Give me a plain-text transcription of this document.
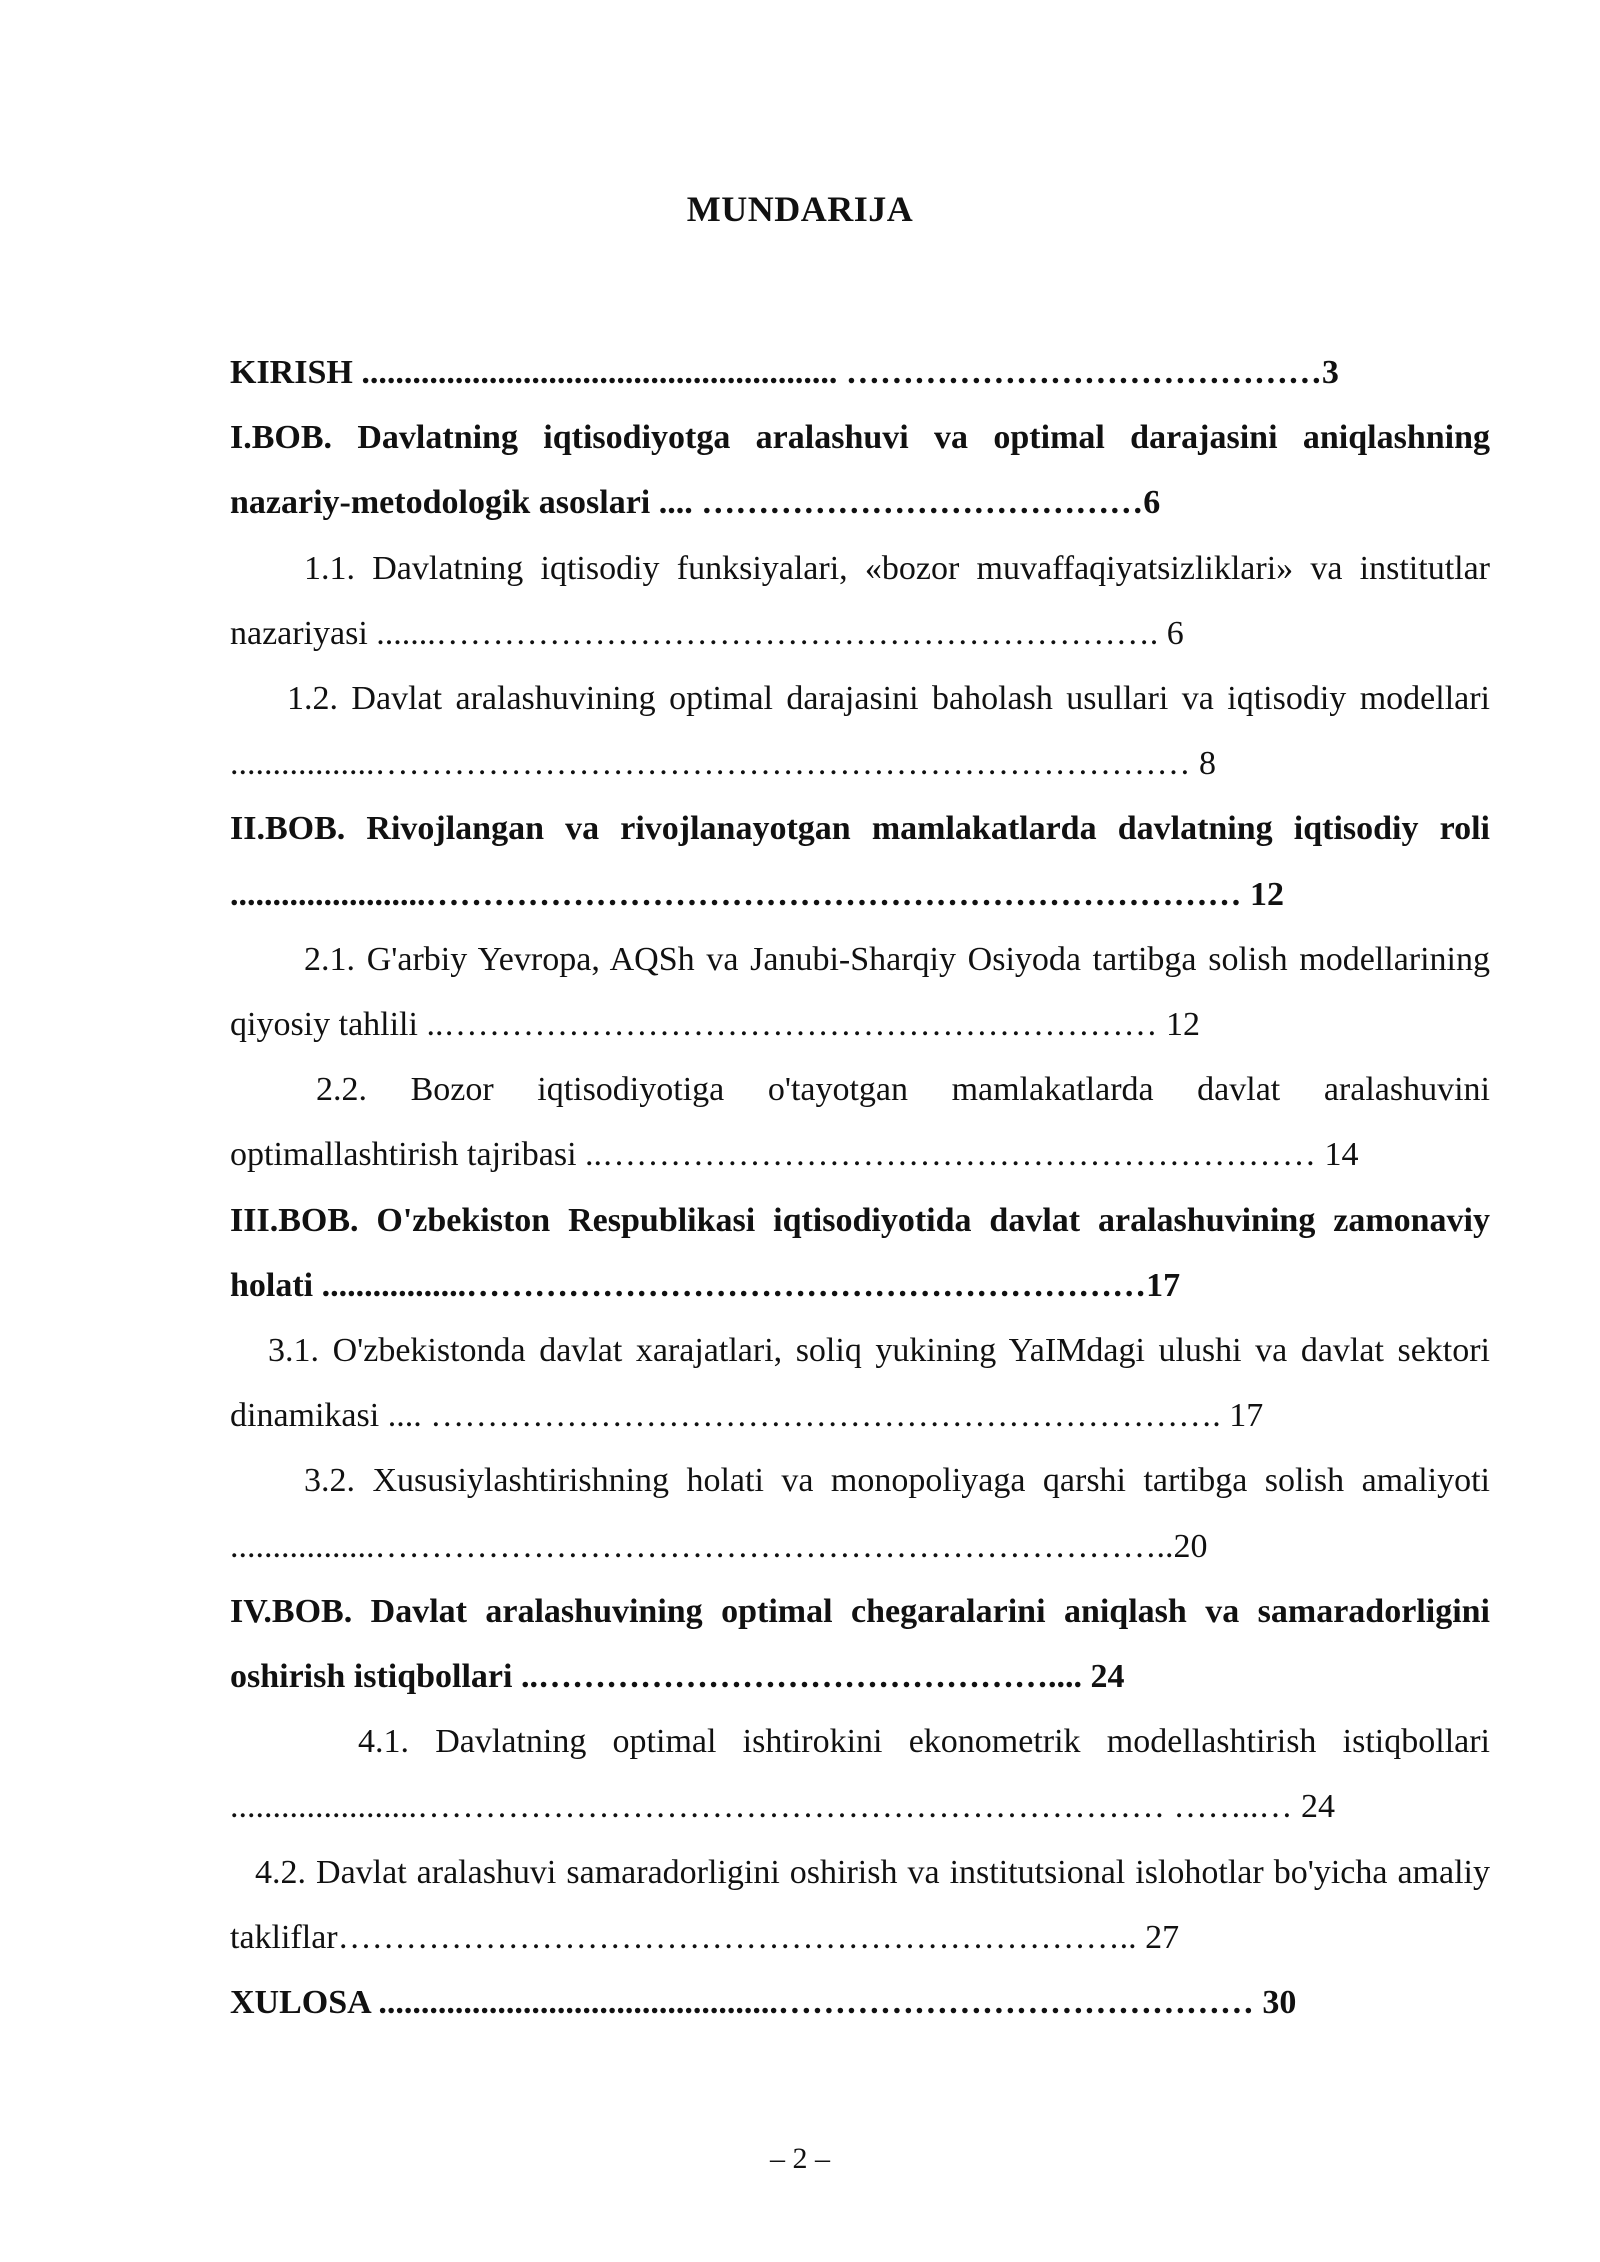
MUNDARIJA

KIRISH ........................................................ ……………………………………3

I.BOB. Davlatning iqtisodiyotga aralashuvi va optimal darajasini aniqlashning nazariy-metodologik asoslari .... …………………………………6

1.1. Davlatning iqtisodiy funksiyalari, «bozor muvaffaqiyatsizliklari» va institutlar nazariyasi .......………………………………………………………. 6

1.2. Davlat aralashuvining optimal darajasini baholash usullari va iqtisodiy modellari .................……………………………………………………………… 8

II.BOB. Rivojlangan va rivojlanayotgan mamlakatlarda davlatning iqtisodiy roli .......................……………………………………………………………… 12

2.1. G'arbiy Yevropa, AQSh va Janubi-Sharqiy Osiyoda tartibga solish modellarining qiyosiy tahlili ..……………………………………………………… 12

2.2. Bozor iqtisodiyotiga o'tayotgan mamlakatlarda davlat aralashuvini optimallashtirish tajribasi ..……………………………………………………… 14

III.BOB. O'zbekiston Respublikasi iqtisodiyotida davlat aralashuvining zamonaviy holati .................……………………………………………………17

3.1. O'zbekistonda davlat xarajatlari, soliq yukining YaIMdagi ulushi va davlat sektori dinamikasi .... ……………………………………………………………. 17

3.2. Xususiylashtirishning holati va monopoliyaga qarshi tartibga solish amaliyoti .................……………………………………………………………..20

IV.BOB. Davlat aralashuvining optimal chegaralarini aniqlash va samaradorligini oshirish istiqbollari ..……………………………………….... 24

4.1. Davlatning optimal ishtirokini ekonometrik modellashtirish istiqbollari ......................………………………………………………………… ……..… 24

4.2. Davlat aralashuvi samaradorligini oshirish va institutsional islohotlar bo'yicha amaliy takliflar…………………………………………………………….. 27

XULOSA ...............................................…………………………………… 30

– 2 –
